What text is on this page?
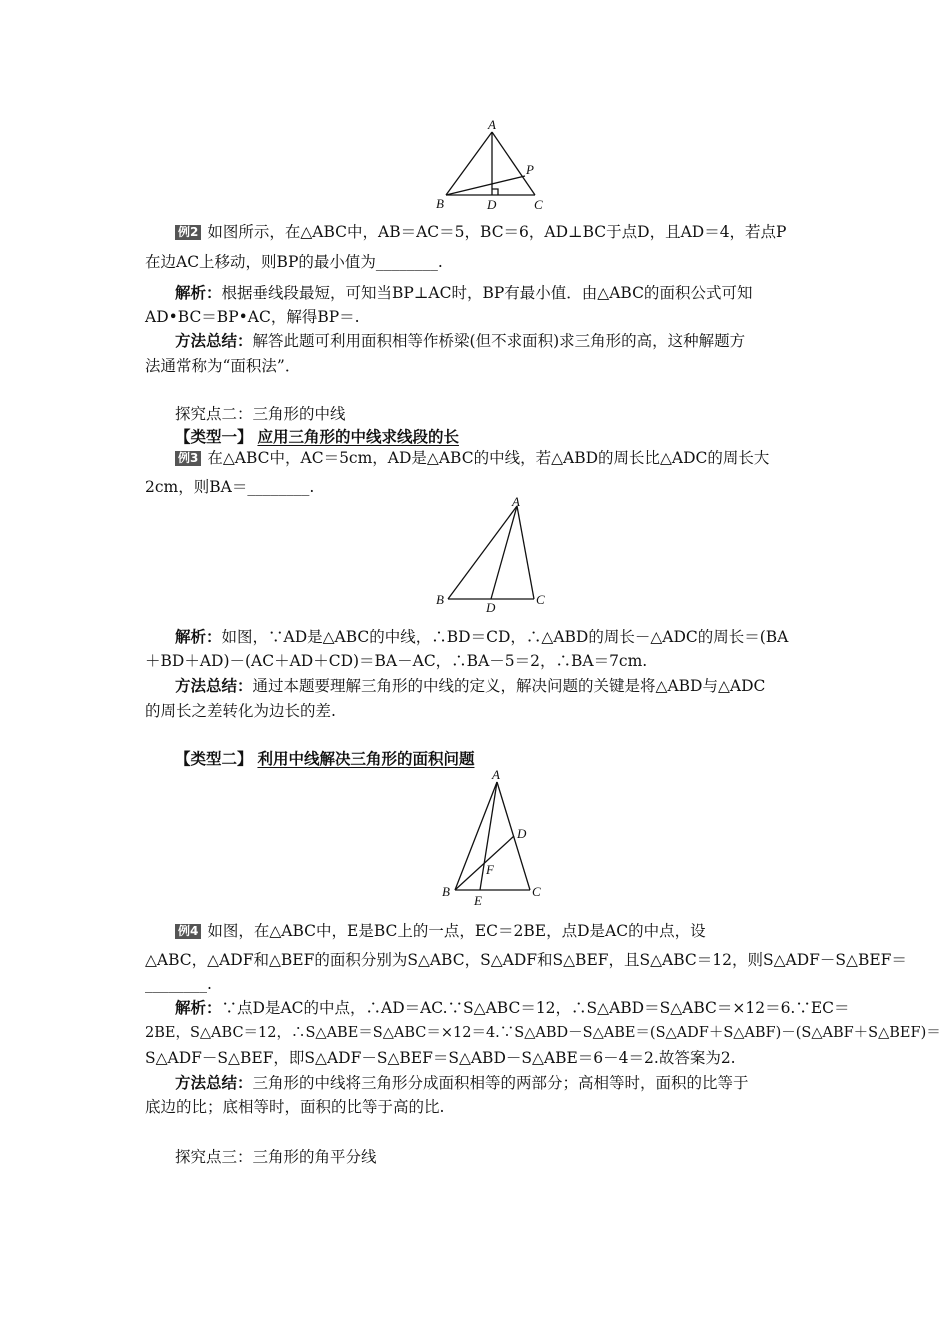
A
B	D	C
P
例2 如图所示，在△ABC中，AB＝AC＝5，BC＝6，AD⊥BC于点D，且AD＝4，若点P
在边AC上移动，则BP的最小值为________.
解析：根据垂线段最短，可知当BP⊥AC时，BP有最小值．由△ABC的面积公式可知
AD•BC＝BP•AC，解得BP＝.
方法总结：解答此题可利用面积相等作桥梁(但不求面积)求三角形的高，这种解题方
法通常称为“面积法”．
探究点二：三角形的中线
【类型一】 应用三角形的中线求线段的长
例3 在△ABC中，AC＝5cm，AD是△ABC的中线，若△ABD的周长比△ADC的周长大
2cm，则BA＝________.
A
B
D
C
解析：如图，∵AD是△ABC的中线，∴BD＝CD，∴△ABD的周长－△ADC的周长＝(BA
＋BD＋AD)－(AC＋AD＋CD)＝BA－AC，∴BA－5＝2，∴BA＝7cm.
方法总结：通过本题要理解三角形的中线的定义，解决问题的关键是将△ABD与△ADC
的周长之差转化为边长的差.
【类型二】 利用中线解决三角形的面积问题
A
D
F
B
E
C
例4 如图，在△ABC中，E是BC上的一点，EC＝2BE，点D是AC的中点，设
△ABC，△ADF和△BEF的面积分别为S△ABC，S△ADF和S△BEF，且S△ABC＝12，则S△ADF－S△BEF＝
________.
解析：∵点D是AC的中点，∴AD＝AC.∵S△ABC＝12，∴S△ABD＝S△ABC＝×12＝6.∵EC＝
2BE，S△ABC＝12，∴S△ABE＝S△ABC＝×12＝4.∵S△ABD－S△ABE＝(S△ADF＋S△ABF)－(S△ABF＋S△BEF)＝
S△ADF－S△BEF，即S△ADF－S△BEF＝S△ABD－S△ABE＝6－4＝2.故答案为2.
方法总结：三角形的中线将三角形分成面积相等的两部分；高相等时，面积的比等于
底边的比；底相等时，面积的比等于高的比.
探究点三：三角形的角平分线
